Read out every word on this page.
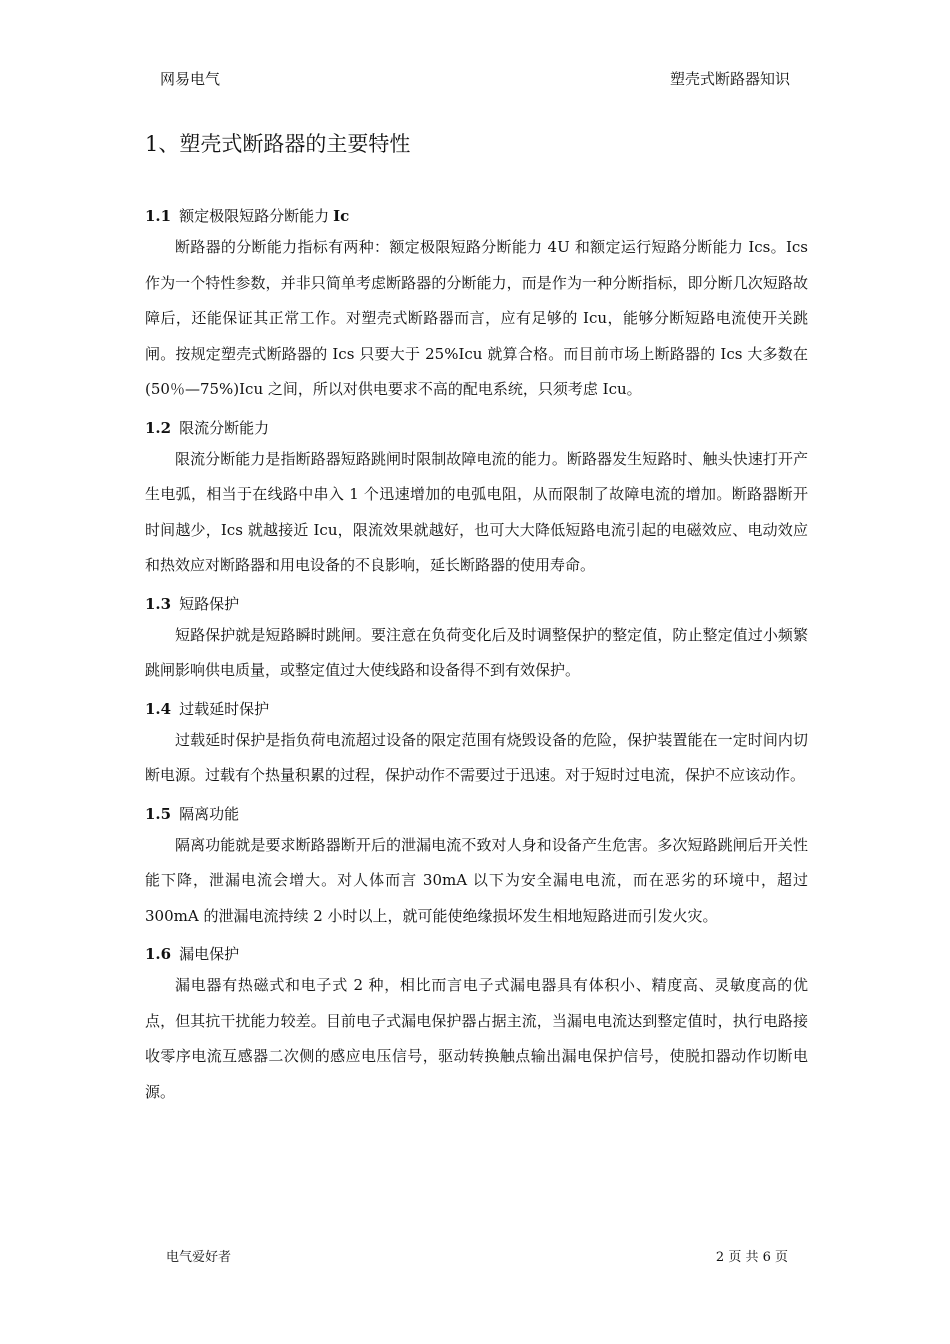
网易电气	塑壳式断路器知识
1、塑壳式断路器的主要特性

1.1 额定极限短路分断能力 Ic

断路器的分断能力指标有两种：额定极限短路分断能力 4U 和额定运行短路分断能力 Ics。Ics 作为一个特性参数，并非只简单考虑断路器的分断能力，而是作为一种分断指标，即分断几次短路故障后，还能保证其正常工作。对塑壳式断路器而言，应有足够的 Icu，能够分断短路电流使开关跳闸。按规定塑壳式断路器的 Ics 只要大于 25%Icu 就算合格。而目前市场上断路器的 Ics 大多数在(50％—75%)Icu 之间，所以对供电要求不高的配电系统，只须考虑 Icu。

1.2 限流分断能力

限流分断能力是指断路器短路跳闸时限制故障电流的能力。断路器发生短路时、触头快速打开产生电弧，相当于在线路中串入 1 个迅速增加的电弧电阻，从而限制了故障电流的增加。断路器断开时间越少，Ics 就越接近 Icu，限流效果就越好，也可大大降低短路电流引起的电磁效应、电动效应和热效应对断路器和用电设备的不良影响，延长断路器的使用寿命。

1.3 短路保护

短路保护就是短路瞬时跳闸。要注意在负荷变化后及时调整保护的整定值，防止整定值过小频繁跳闸影响供电质量，或整定值过大使线路和设备得不到有效保护。

1.4 过载延时保护

过载延时保护是指负荷电流超过设备的限定范围有烧毁设备的危险，保护装置能在一定时间内切断电源。过载有个热量积累的过程，保护动作不需要过于迅速。对于短时过电流，保护不应该动作。

1.5 隔离功能

隔离功能就是要求断路器断开后的泄漏电流不致对人身和设备产生危害。多次短路跳闸后开关性能下降，泄漏电流会增大。对人体而言 30mA 以下为安全漏电电流，而在恶劣的环境中，超过 300mA 的泄漏电流持续 2 小时以上，就可能使绝缘损坏发生相地短路进而引发火灾。

1.6 漏电保护

漏电器有热磁式和电子式 2 种，相比而言电子式漏电器具有体积小、精度高、灵敏度高的优点，但其抗干扰能力较差。目前电子式漏电保护器占据主流，当漏电电流达到整定值时，执行电路接收零序电流互感器二次侧的感应电压信号，驱动转换触点输出漏电保护信号，使脱扣器动作切断电源。

电气爱好者	2 页 共 6 页
